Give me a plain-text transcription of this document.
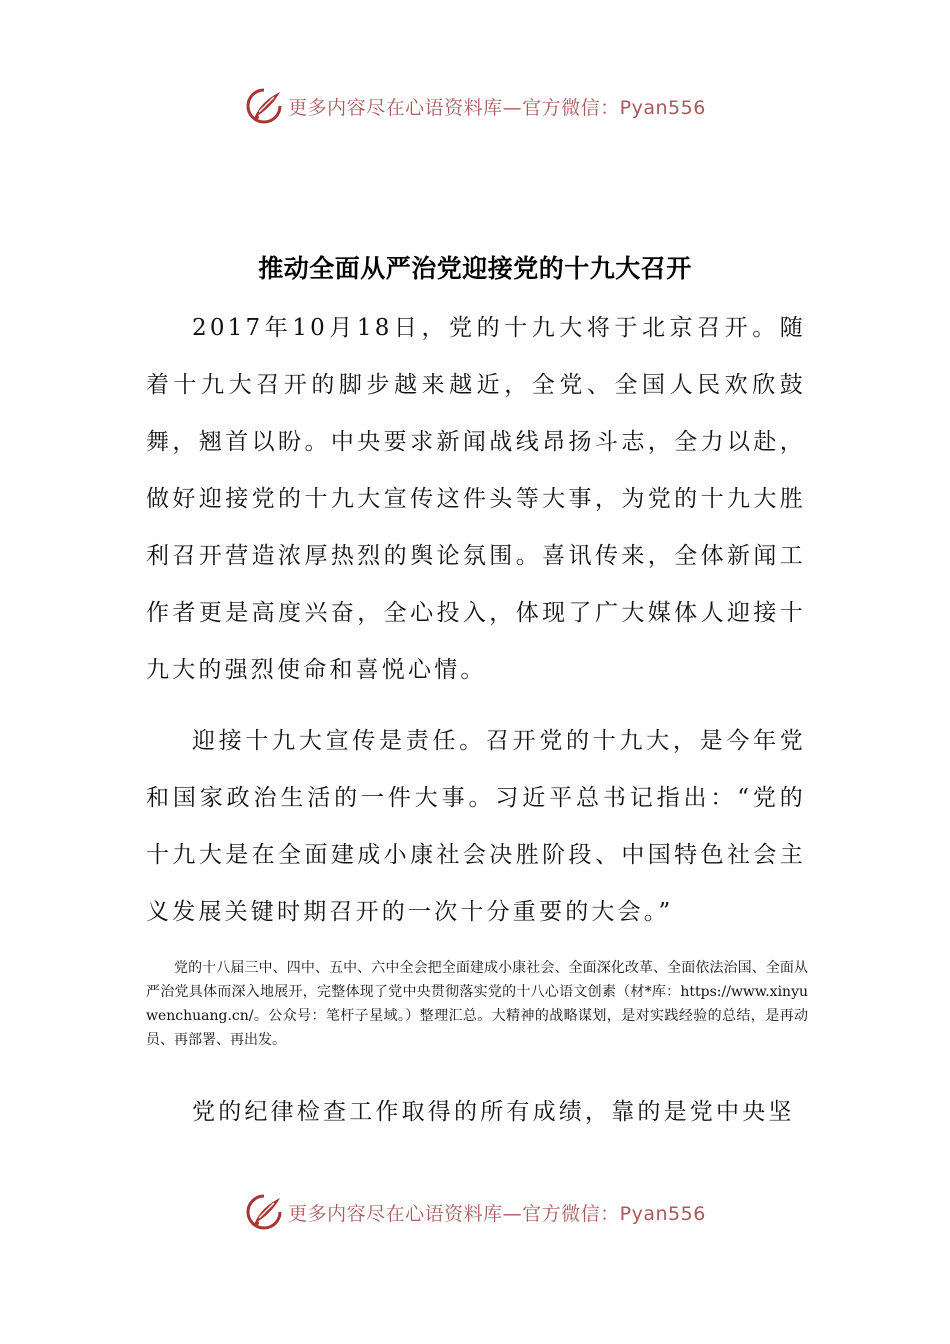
更多内容尽在心语资料库—官方微信：Pyan556
推动全面从严治党迎接党的十九大召开

2017年10月18日，党的十九大将于北京召开。随着十九大召开的脚步越来越近，全党、全国人民欢欣鼓舞，翘首以盼。中央要求新闻战线昂扬斗志，全力以赴，做好迎接党的十九大宣传这件头等大事，为党的十九大胜利召开营造浓厚热烈的舆论氛围。喜讯传来，全体新闻工作者更是高度兴奋，全心投入，体现了广大媒体人迎接十九大的强烈使命和喜悦心情。

迎接十九大宣传是责任。召开党的十九大，是今年党和国家政治生活的一件大事。习近平总书记指出：“党的十九大是在全面建成小康社会决胜阶段、中国特色社会主义发展关键时期召开的一次十分重要的大会。”

党的十八届三中、四中、五中、六中全会把全面建成小康社会、全面深化改革、全面依法治国、全面从严治党具体而深入地展开，完整体现了党中央贯彻落实党的十八心语文创素（材*库：https://www.xinyuwenchuang.cn/。公众号：笔杆子星域。）整理汇总。大精神的战略谋划，是对实践经验的总结，是再动员、再部署、再出发。

党的纪律检查工作取得的所有成绩，靠的是党中央坚

更多内容尽在心语资料库—官方微信：Pyan556
